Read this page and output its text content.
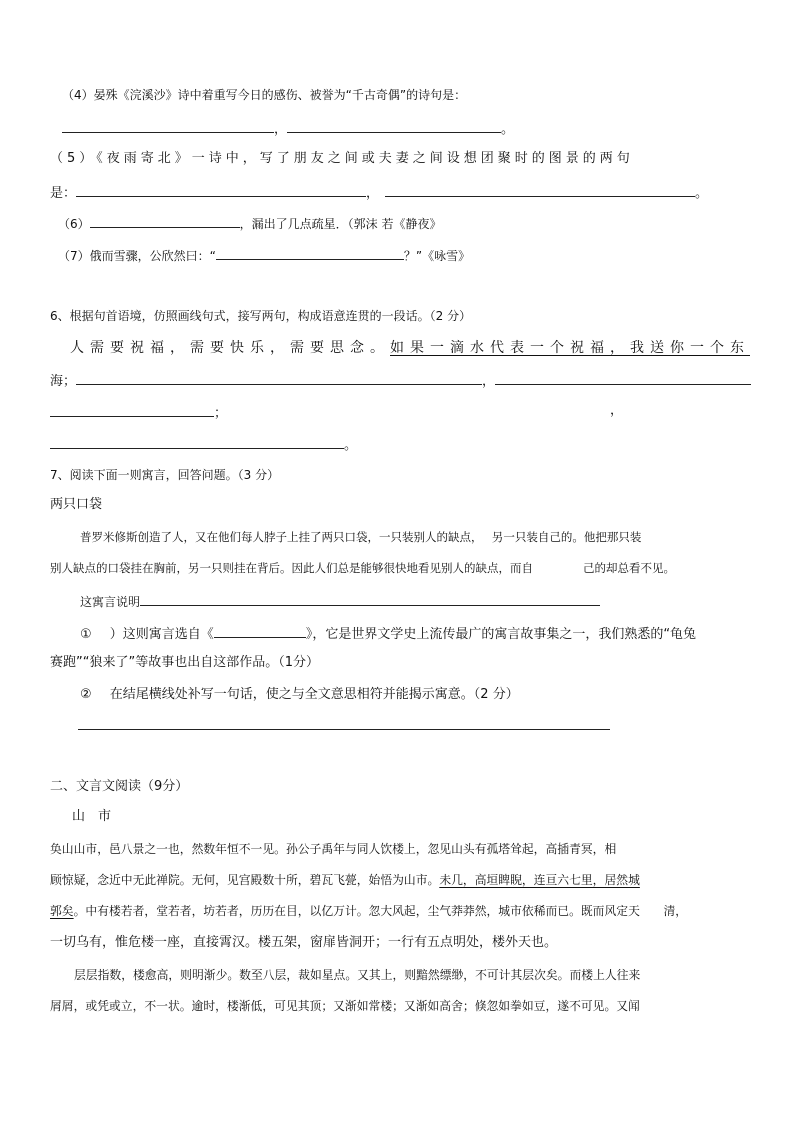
（4）晏殊《浣溪沙》诗中着重写今日的感伤、被誉为“千古奇偶”的诗句是：
，	。
（5）《夜雨寄北》一诗中，写了朋友之间或夫妻之间设想团聚时的图景的两句
是：	，	。
（6）	，漏出了几点疏星．（郭沫 若《静夜》
（7）俄而雪骤，公欣然曰：“	？”《咏雪》
6、根据句首语境，仿照画线句式，接写两句，构成语意连贯的一段话。（2 分）
人需要祝福，需要快乐，需要思念。如果一滴水代表一个祝福，我送你一个东
海；	，
；	，
。
7、阅读下面一则寓言，回答问题。（3 分）
两只口袋
普罗米修斯创造了人，又在他们每人脖子上挂了两只口袋，一只装别人的缺点，　 另一只装自己的。他把那只装
别人缺点的口袋挂在胸前，另一只则挂在背后。因此人们总是能够很快地看见别人的缺点，而自	己的却总看不见。
这寓言说明
① ）这则寓言选自《	》，它是世界文学史上流传最广的寓言故事集之一，我们熟悉的“龟兔
赛跑”“狼来了”等故事也出自这部作品。（1分）
② 在结尾横线处补写一句话，使之与全文意思相符并能揭示寓意。（2 分）
二、文言文阅读（9分）
山　市
奂山山市，邑八景之一也，然数年恒不一见。孙公子禹年与同人饮楼上，忽见山头有孤塔耸起，高插青冥，相
顾惊疑，念近中无此禅院。无何，见宫殿数十所，碧瓦飞甍，始悟为山市。未几，高垣睥睨，连亘六七里，居然城
郭矣。中有楼若者，堂若者，坊若者，历历在目，以亿万计。忽大风起，尘气莽莽然，城市依稀而已。既而风定天　　清，
一切乌有，惟危楼一座，直接霄汉。楼五架，窗扉皆洞开；一行有五点明处，楼外天也。
层层指数，楼愈高，则明渐少。数至八层，裁如星点。又其上，则黯然缥缈，不可计其层次矣。而楼上人往来
屑屑，或凭或立，不一状。逾时，楼渐低，可见其顶；又渐如常楼；又渐如高舍；倏忽如拳如豆，遂不可见。又闻
